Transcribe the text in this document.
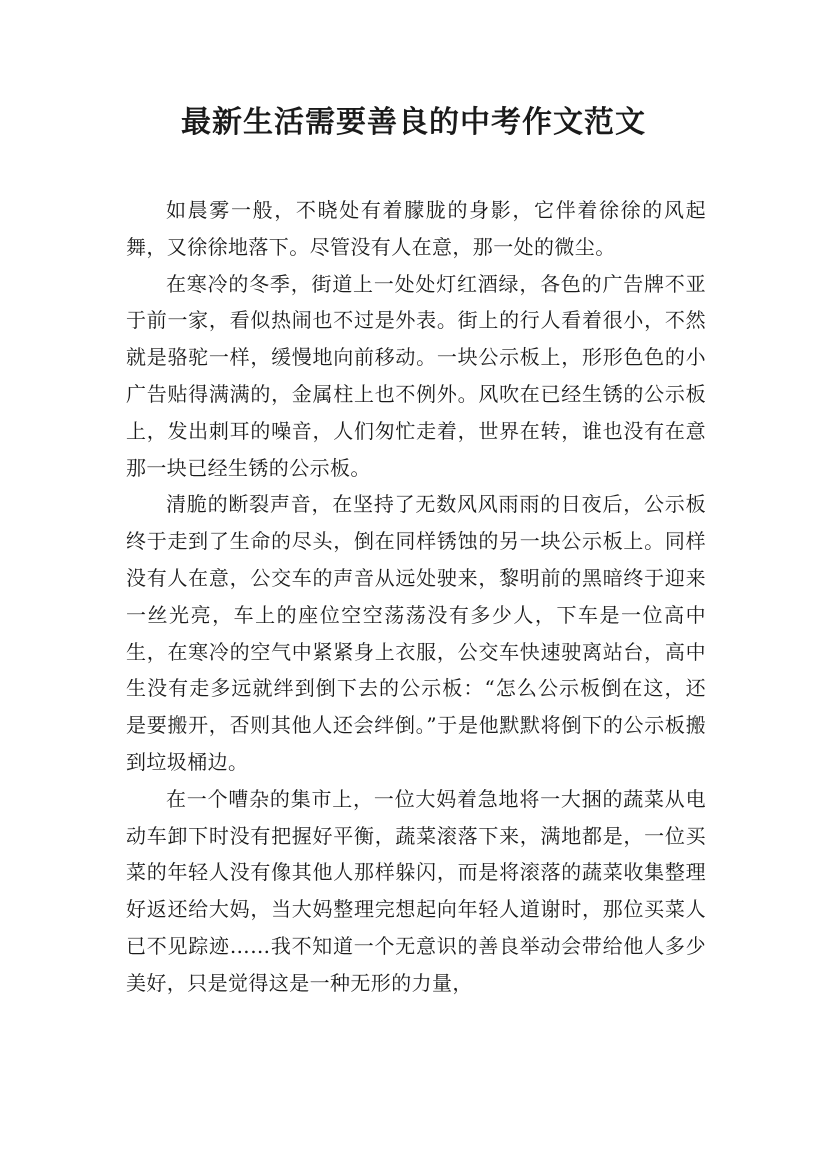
最新生活需要善良的中考作文范文

如晨雾一般，不晓处有着朦胧的身影，它伴着徐徐的风起舞，又徐徐地落下。尽管没有人在意，那一处的微尘。

在寒冷的冬季，街道上一处处灯红酒绿，各色的广告牌不亚于前一家，看似热闹也不过是外表。街上的行人看着很小，不然就是骆驼一样，缓慢地向前移动。一块公示板上，形形色色的小广告贴得满满的，金属柱上也不例外。风吹在已经生锈的公示板上，发出刺耳的噪音，人们匆忙走着，世界在转，谁也没有在意那一块已经生锈的公示板。

清脆的断裂声音，在坚持了无数风风雨雨的日夜后，公示板终于走到了生命的尽头，倒在同样锈蚀的另一块公示板上。同样没有人在意，公交车的声音从远处驶来，黎明前的黑暗终于迎来一丝光亮，车上的座位空空荡荡没有多少人，下车是一位高中生，在寒冷的空气中紧紧身上衣服，公交车快速驶离站台，高中生没有走多远就绊到倒下去的公示板：“怎么公示板倒在这，还是要搬开，否则其他人还会绊倒。”于是他默默将倒下的公示板搬到垃圾桶边。

在一个嘈杂的集市上，一位大妈着急地将一大捆的蔬菜从电动车卸下时没有把握好平衡，蔬菜滚落下来，满地都是，一位买菜的年轻人没有像其他人那样躲闪，而是将滚落的蔬菜收集整理好返还给大妈，当大妈整理完想起向年轻人道谢时，那位买菜人已不见踪迹……我不知道一个无意识的善良举动会带给他人多少美好，只是觉得这是一种无形的力量，
